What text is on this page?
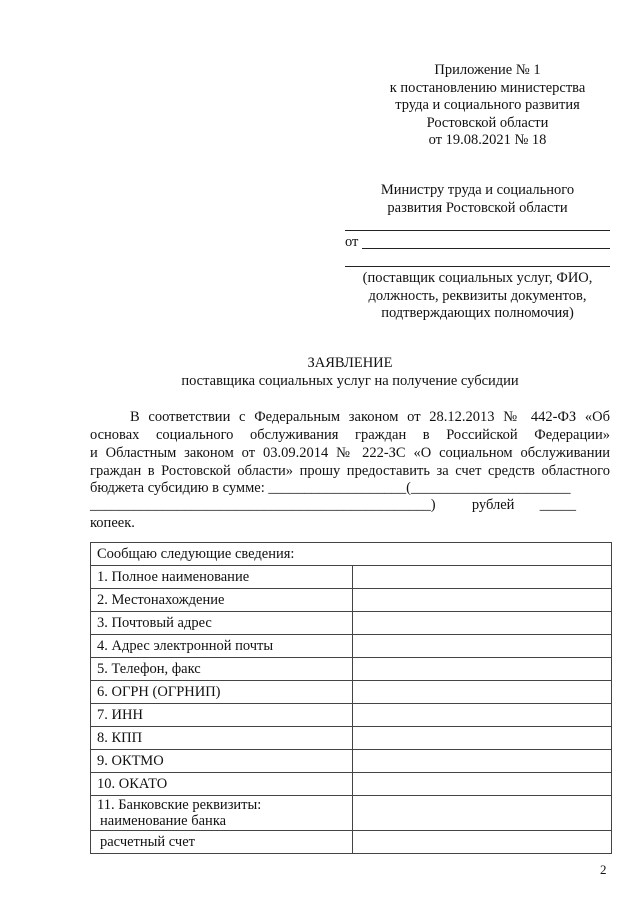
Приложение № 1
к постановлению министерства
труда и социального развития
Ростовской области
от 19.08.2021 № 18
Министру труда и социального
развития Ростовской области
от
(поставщик социальных услуг, ФИО,
должность, реквизиты документов,
подтверждающих полномочия)
ЗАЯВЛЕНИЕ
поставщика социальных услуг на получение субсидии
В соответствии с Федеральным законом от 28.12.2013 № 442-ФЗ «Об
основах социального обслуживания граждан в Российской Федерации»
и Областным законом от 03.09.2014 № 222-ЗС «О социальном обслуживании
граждан в Ростовской области» прошу предоставить за счет средств областного
бюджета субсидию в сумме: ___________________(______________________
_______________________________________________)          рублей       _____
копеек.
Сообщаю следующие сведения:	
1. Полное наименование	
2. Местонахождение	
3. Почтовый адрес	
4. Адрес электронной почты	
5. Телефон, факс	
6. ОГРН (ОГРНИП)	
7. ИНН	
8. КПП	
9. ОКТМО	
10. ОКАТО	

11. Банковские реквизиты:
наименование банка	

расчетный счет	
2
